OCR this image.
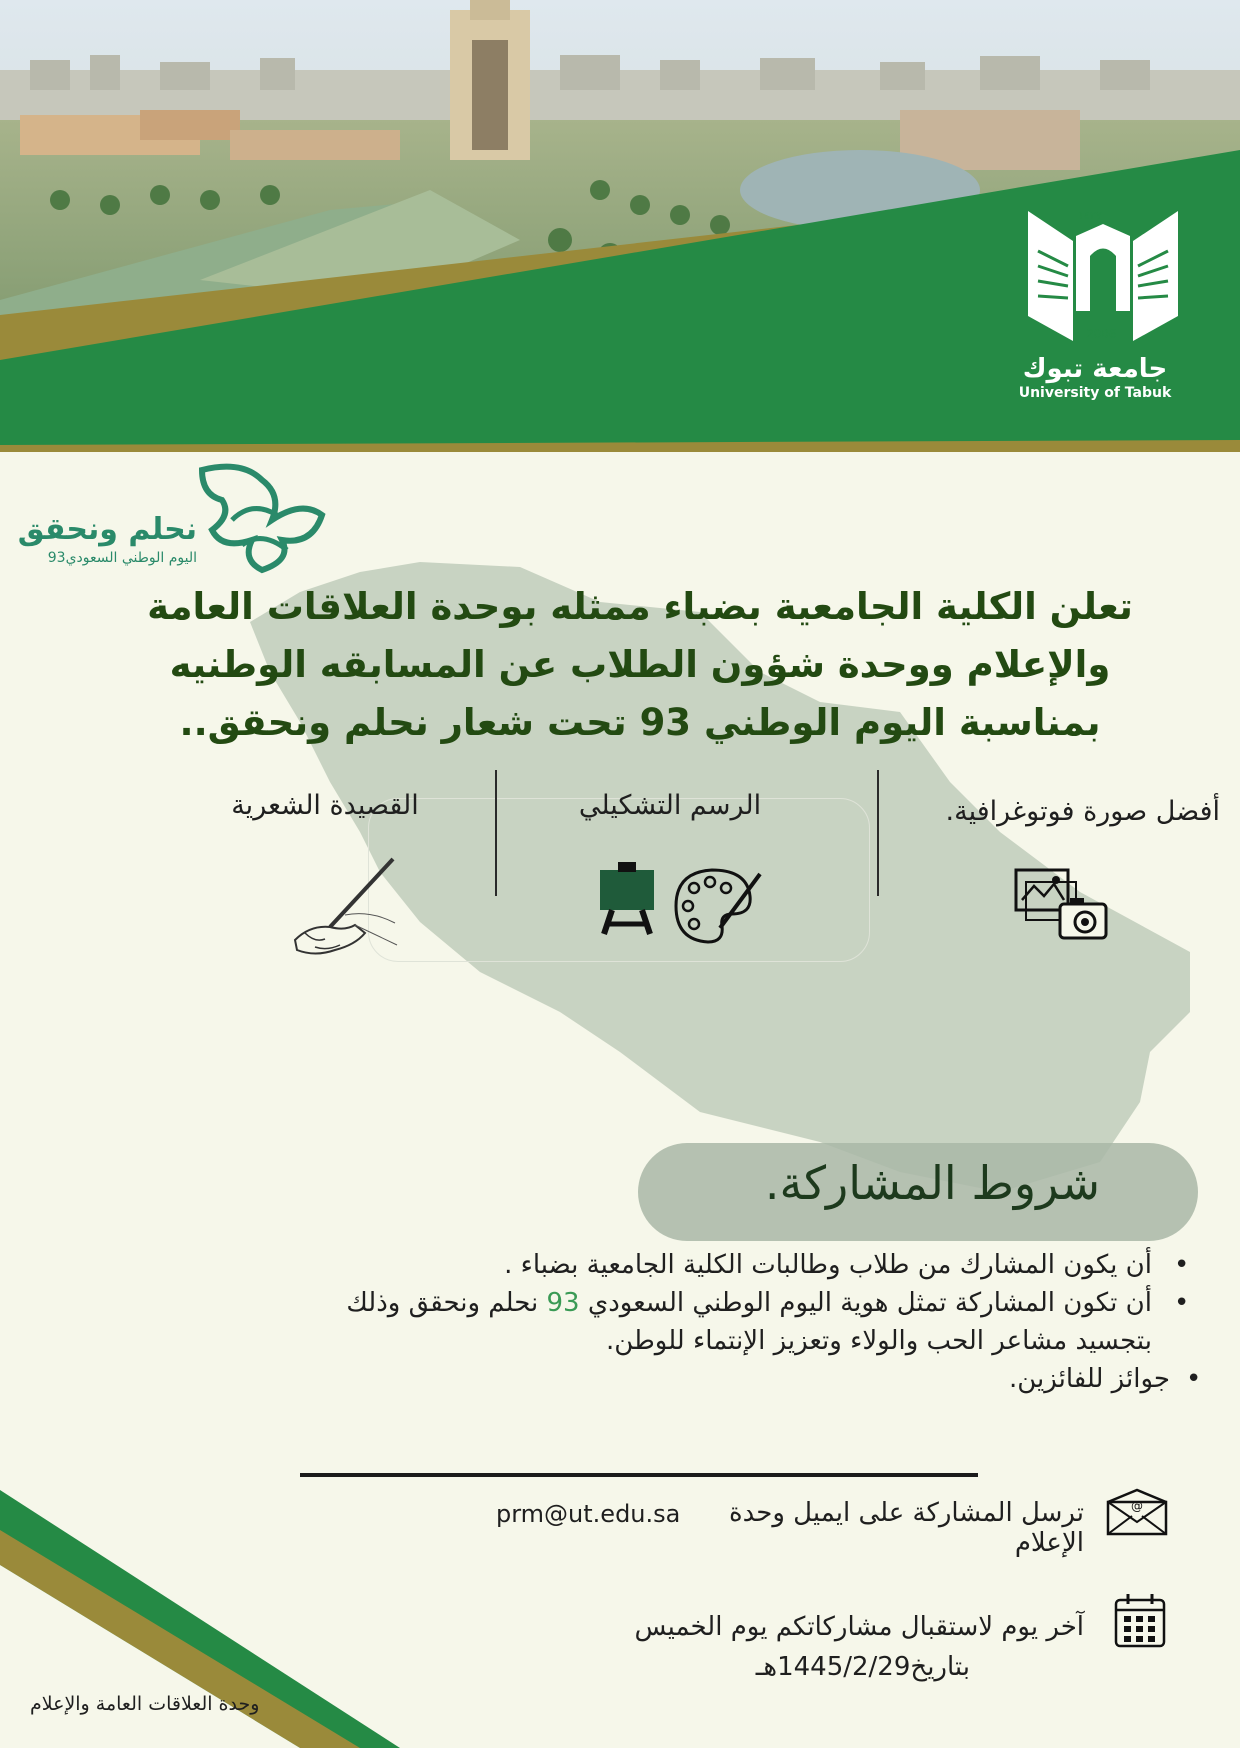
١٤٢٧
2006
جامعة تبوك
University of Tabuk
نحلم ونحقق
اليوم الوطني السعودي93
تعلن الكلية الجامعية بضباء ممثله بوحدة العلاقات العامة
والإعلام ووحدة شؤون الطلاب عن المسابقه الوطنيه
بمناسبة اليوم الوطني 93 تحت شعار نحلم ونحقق..
القصيدة الشعرية	الرسم التشكيلي	أفضل صورة فوتوغرافية.
شروط المشاركة.
•
أن يكون المشارك من طلاب وطالبات الكلية الجامعية بضباء .
•
أن تكون المشاركة تمثل هوية اليوم الوطني السعودي 93 نحلم ونحقق وذلك
بتجسيد مشاعر الحب والولاء وتعزيز الإنتماء للوطن.
•
جوائز للفائزين.
@
ترسل المشاركة على ايميل وحدة الإعلام
prm@ut.edu.sa
آخر يوم لاستقبال مشاركاتكم يوم الخميس
بتاريخ1445/2/29هـ
وحدة العلاقات العامة والإعلام
